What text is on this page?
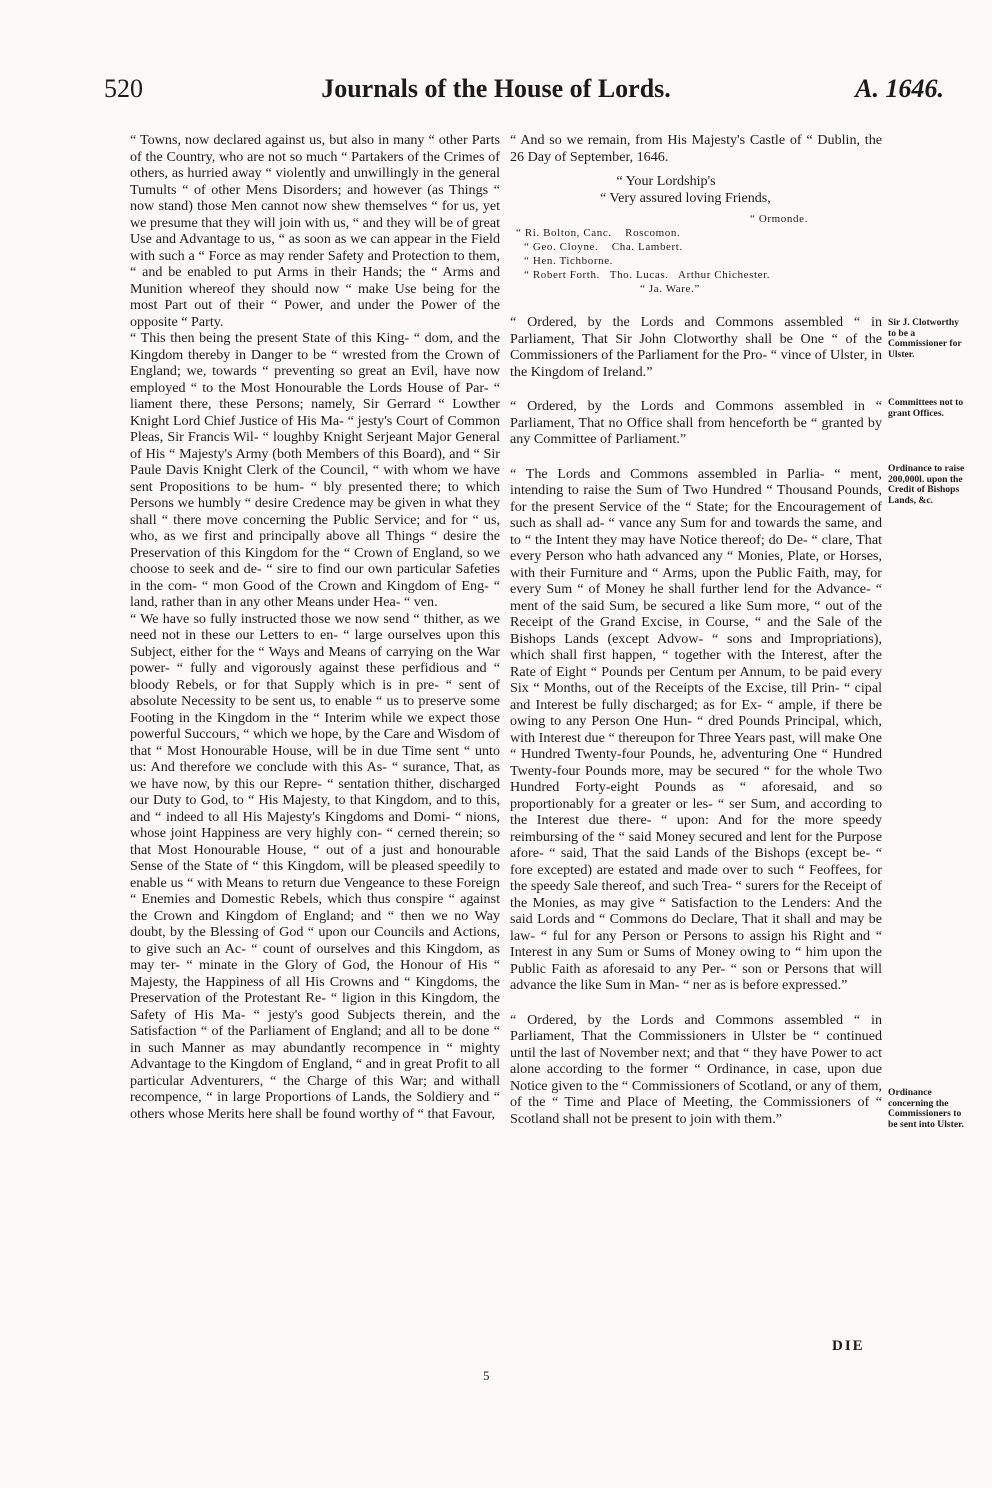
520	Journals of the House of Lords.	A. 1646.

“ Towns, now declared against us, but also in many “ other Parts of the Country, who are not so much “ Partakers of the Crimes of others, as hurried away “ violently and unwillingly in the general Tumults “ of other Mens Disorders; and however (as Things “ now stand) those Men cannot now shew themselves “ for us, yet we presume that they will join with us, “ and they will be of great Use and Advantage to us, “ as soon as we can appear in the Field with such a “ Force as may render Safety and Protection to them, “ and be enabled to put Arms in their Hands; the “ Arms and Munition whereof they should now “ make Use being for the most Part out of their “ Power, and under the Power of the opposite “ Party.

“ This then being the present State of this King- “ dom, and the Kingdom thereby in Danger to be “ wrested from the Crown of England; we, towards “ preventing so great an Evil, have now employed “ to the Most Honourable the Lords House of Par- “ liament there, these Persons; namely, Sir Gerrard “ Lowther Knight Lord Chief Justice of His Ma- “ jesty's Court of Common Pleas, Sir Francis Wil- “ loughby Knight Serjeant Major General of His “ Majesty's Army (both Members of this Board), and “ Sir Paule Davis Knight Clerk of the Council, “ with whom we have sent Propositions to be hum- “ bly presented there; to which Persons we humbly “ desire Credence may be given in what they shall “ there move concerning the Public Service; and for “ us, who, as we first and principally above all Things “ desire the Preservation of this Kingdom for the “ Crown of England, so we choose to seek and de- “ sire to find our own particular Safeties in the com- “ mon Good of the Crown and Kingdom of Eng- “ land, rather than in any other Means under Hea- “ ven.

“ We have so fully instructed those we now send “ thither, as we need not in these our Letters to en- “ large ourselves upon this Subject, either for the “ Ways and Means of carrying on the War power- “ fully and vigorously against these perfidious and “ bloody Rebels, or for that Supply which is in pre- “ sent of absolute Necessity to be sent us, to enable “ us to preserve some Footing in the Kingdom in the “ Interim while we expect those powerful Succours, “ which we hope, by the Care and Wisdom of that “ Most Honourable House, will be in due Time sent “ unto us: And therefore we conclude with this As- “ surance, That, as we have now, by this our Repre- “ sentation thither, discharged our Duty to God, to “ His Majesty, to that Kingdom, and to this, and “ indeed to all His Majesty's Kingdoms and Domi- “ nions, whose joint Happiness are very highly con- “ cerned therein; so that Most Honourable House, “ out of a just and honourable Sense of the State of “ this Kingdom, will be pleased speedily to enable us “ with Means to return due Vengeance to these Foreign “ Enemies and Domestic Rebels, which thus conspire “ against the Crown and Kingdom of England; and “ then we no Way doubt, by the Blessing of God “ upon our Councils and Actions, to give such an Ac- “ count of ourselves and this Kingdom, as may ter- “ minate in the Glory of God, the Honour of His “ Majesty, the Happiness of all His Crowns and “ Kingdoms, the Preservation of the Protestant Re- “ ligion in this Kingdom, the Safety of His Ma- “ jesty's good Subjects therein, and the Satisfaction “ of the Parliament of England; and all to be done “ in such Manner as may abundantly recompence in “ mighty Advantage to the Kingdom of England, “ and in great Profit to all particular Adventurers, “ the Charge of this War; and withall recompence, “ in large Proportions of Lands, the Soldiery and “ others whose Merits here shall be found worthy of “ that Favour,

5

“ And so we remain, from His Majesty's Castle of “ Dublin, the 26 Day of September, 1646.

“ Your Lordship's

“ Very assured loving Friends,

“ Ormonde.
“ Ri. Bolton, Canc.    Roscomon.
“ Geo. Cloyne.    Cha. Lambert.
“ Hen. Tichborne.
“ Robert Forth.   Tho. Lucas.   Arthur Chichester.
“ Ja. Ware.”

“ Ordered, by the Lords and Commons assembled “ in Parliament, That Sir John Clotworthy shall be One “ of the Commissioners of the Parliament for the Pro- “ vince of Ulster, in the Kingdom of Ireland.”

“ Ordered, by the Lords and Commons assembled in “ Parliament, That no Office shall from henceforth be “ granted by any Committee of Parliament.”

“ The Lords and Commons assembled in Parlia- “ ment, intending to raise the Sum of Two Hundred “ Thousand Pounds, for the present Service of the “ State; for the Encouragement of such as shall ad- “ vance any Sum for and towards the same, and to “ the Intent they may have Notice thereof; do De- “ clare, That every Person who hath advanced any “ Monies, Plate, or Horses, with their Furniture and “ Arms, upon the Public Faith, may, for every Sum “ of Money he shall further lend for the Advance- “ ment of the said Sum, be secured a like Sum more, “ out of the Receipt of the Grand Excise, in Course, “ and the Sale of the Bishops Lands (except Advow- “ sons and Impropriations), which shall first happen, “ together with the Interest, after the Rate of Eight “ Pounds per Centum per Annum, to be paid every Six “ Months, out of the Receipts of the Excise, till Prin- “ cipal and Interest be fully discharged; as for Ex- “ ample, if there be owing to any Person One Hun- “ dred Pounds Principal, which, with Interest due “ thereupon for Three Years past, will make One “ Hundred Twenty-four Pounds, he, adventuring One “ Hundred Twenty-four Pounds more, may be secured “ for the whole Two Hundred Forty-eight Pounds as “ aforesaid, and so proportionably for a greater or les- “ ser Sum, and according to the Interest due there- “ upon: And for the more speedy reimbursing of the “ said Money secured and lent for the Purpose afore- “ said, That the said Lands of the Bishops (except be- “ fore excepted) are estated and made over to such “ Feoffees, for the speedy Sale thereof, and such Trea- “ surers for the Receipt of the Monies, as may give “ Satisfaction to the Lenders: And the said Lords and “ Commons do Declare, That it shall and may be law- “ ful for any Person or Persons to assign his Right and “ Interest in any Sum or Sums of Money owing to “ him upon the Public Faith as aforesaid to any Per- “ son or Persons that will advance the like Sum in Man- “ ner as is before expressed.”

“ Ordered, by the Lords and Commons assembled “ in Parliament, That the Commissioners in Ulster be “ continued until the last of November next; and that “ they have Power to act alone according to the former “ Ordinance, in case, upon due Notice given to the “ Commissioners of Scotland, or any of them, of the “ Time and Place of Meeting, the Commissioners of “ Scotland shall not be present to join with them.”

Sir J. Clotworthy to be a Commissioner for Ulster.
Committees not to grant Offices.
Ordinance to raise 200,000l. upon the Credit of Bishops Lands, &c.
Ordinance concerning the Commissioners to be sent into Ulster.
DIE
